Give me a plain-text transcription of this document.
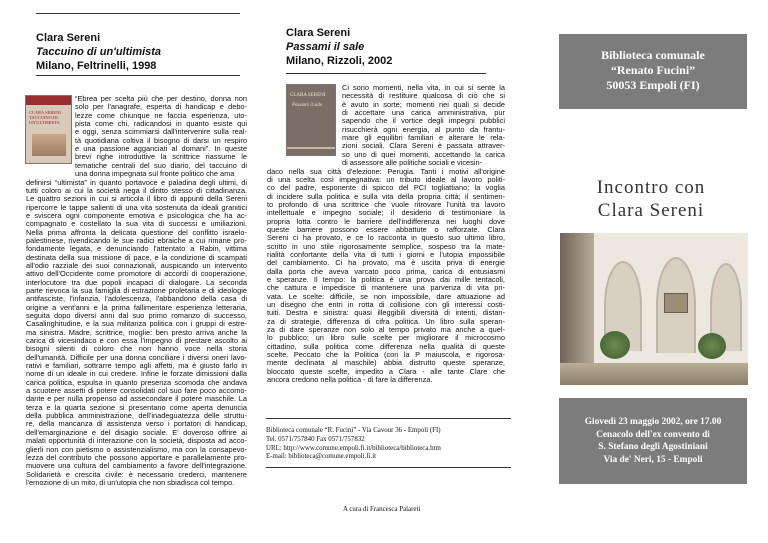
Clara Sereni
Taccuino di un'ultimista
Milano, Feltrinelli, 1998
CLARA SERENI
TACCUINO DI UN'ULTIMISTA
“Ebrea per scelta più che per destino, donna non
solo per l'anagrafe, esperta di handicap e debo-
lezze come chiunque ne faccia esperienza, uto-
pista come chi, radicandosi in quanto esiste qui
e oggi, senza scimmiarsi dall'intervenire sulla real-
tà quotidiana coltiva il bisogno di darsi un respiro
e una passione agganciati al domani”. In queste
brevi righe introduttive la scrittrice riassume le
tematiche centrali del suo diario, del taccuino di
una donna impegnata sul fronte politico che ama
definirsi “ultimista” in quanto portavoce e paladina degli ultimi, di
tutti coloro ai cui la società nega il diritto stesso di cittadinanza.
Le quattro sezioni in cui si articola il libro di appunti della Sereni
ripercorre le tappe salienti di una vita sostenuta da ideali granitici
e sviscera ogni componente emotiva e psicologica che ha ac-
compagnato e costellato la sua vita di successi e umiliazioni.
Nella prima affronta la delicata questione del conflitto israelo-
palestinese, rivendicando le sue radici ebraiche a cui rimane pro-
fondamente legata, e denunciando l'attentato a Rabin, vittima
destinata della sua missione di pace, e la condizione di scampati
all'odio razziale dei suoi connazionali, auspicando un intervento
attivo dell'Occidente come promotore di accordi di cooperazione,
interlocutore tra due popoli incapaci di dialogare. La seconda
parte rievoca la sua famiglia di estrazione proletaria e di ideologie
antifasciste, l'infanzia, l'adolescenza, l'abbandono della casa di
origine a vent'anni e la prima fallimentare esperienza letteraria,
seguita dopo diversi anni dal suo primo romanzo di successo,
Casalinghitudine, e la sua militanza politica con i gruppi di estre-
ma sinistra. Madre, scrittrice, moglie: ben presto arriva anche la
carica di vicesindaco e con essa l'impegno di prestare ascolto ai
bisogni silenti di coloro che non hanno voce nella storia
dell'umanità. Difficile per una donna conciliare i diversi oneri lavo-
rativi e familiari, sottrarre tempo agli affetti, ma è giusto farlo in
nome di un ideale in cui credere. Infine le forzate dimissioni dalla
carica politica, espulsa in quanto presenza scomoda che andava
a scuotere assetti di potere consolidati col suo fare poco accomo-
dante e per nulla propenso ad assecondare il potere maschile. La
terza e la quarta sezione si presentano come aperta denuncia
della pubblica amministrazione, dell'inadeguatezza delle struttu-
re, della mancanza di assistenza verso i portatori di handicap,
dell'emarginazione e del disagio sociale. E' doveroso offrire ai
malati opportunità di interazione con la società, disposta ad acco-
glierli non con pietismo o assistenzialismo, ma con la consapevo-
lezza del contributo che possono apportare e parallelamente pro-
muovere una cultura del cambiamento a favore dell'integrazione.
Solidarietà e crescita civile: è necessario crederci, mantenere
l'emozione di un mito, di un'utopia che non sbiadisca col tempo.
Clara Sereni
Passami il sale
Milano, Rizzoli, 2002
CLARA SERENI
Passami il sale
Ci sono momenti, nella vita, in cui si sente la
necessità di restituire qualcosa di ciò che si
è avuto in sorte; momenti nei quali si decide
di accettare una carica amministrativa, pur
sapendo che il vortice degli impegni pubblici
risucchierà ogni energia, al punto da frantu-
mare gli equilibri familiari e alterare le rela-
zioni sociali. Clara Sereni è passata attraver-
so uno di quei momenti, accettando la carica
di assessore alle politiche sociali e vicesin-
daco nella sua città d'elezione: Perugia. Tanti i motivi all'origine
di una scelta così impegnativa: un tributo ideale al lavoro politi-
co del padre, esponente di spicco del PCI togliattiano; la voglia
di incidere sulla politica e sulla vita della propria città; il sentimen-
to profondo di una scrittrice che vuole ritrovare l'unità tra lavoro
intellettuale e impegno sociale; il desiderio di testimoniare la
propria lotta contro le barriere dell'indifferenza nei luoghi dove
queste barriere possono essere abbattute o rafforzate. Clara
Sereni ci ha provato, e ce lo racconta in questo suo ultimo libro,
scritto in uno stile rigorosamente semplice, sospeso tra la mate-
rialità confortante della vita di tutti i giorni e l'utopia impossibile
del cambiamento. Ci ha provato, ma è uscita priva di energie
dalla porta che aveva varcato poco prima, carica di entusiasmi
e speranze. Il tempo: la politica è una prova dai mille tentacoli,
che cattura e impedisce di mantenere una parvenza di vita pri-
vata. Le scelte: difficile, se non impossibile, dare attuazione ad
un disegno che entri in rotta di collisione con gli interessi costi-
tuiti. Destra e sinistra: quasi illeggibili diversità di intenti, distan-
za di strategie, differenza di cifra politica. Un libro sulla speran-
za di dare speranze non solo al tempo privato ma anche a quel-
lo pubblico; un libro sulle scelte per migliorare il microcosmo
cittadino, sulla politica come differenza nella qualità di queste
scelte. Peccato che la Politica (con la P maiuscola, e rigorosa-
mente declinata al maschile) abbia distrutto queste speranze,
bloccato queste scelte, impedito a Clara - alle tante Clare che
ancora credono nella politica - di fare la differenza.
Biblioteca comunale “R. Fucini” - Via Cavour 36 - Empoli (FI)
Tel. 0571/757840 Fax 0571/757832
URL: http://www.comune.empoli.fi.it/biblioteca/biblioteca.htm
E-mail: biblioteca@comune.empoli.fi.it
A cura di Francesca Palareti
Biblioteca comunale
“Renato Fucini”
50053 Empoli (FI)
Incontro con
Clara Sereni
Giovedì 23 maggio 2002, ore 17.00
Cenacolo dell'ex convento di
S. Stefano degli Agostiniani
Via de' Neri, 15 - Empoli
